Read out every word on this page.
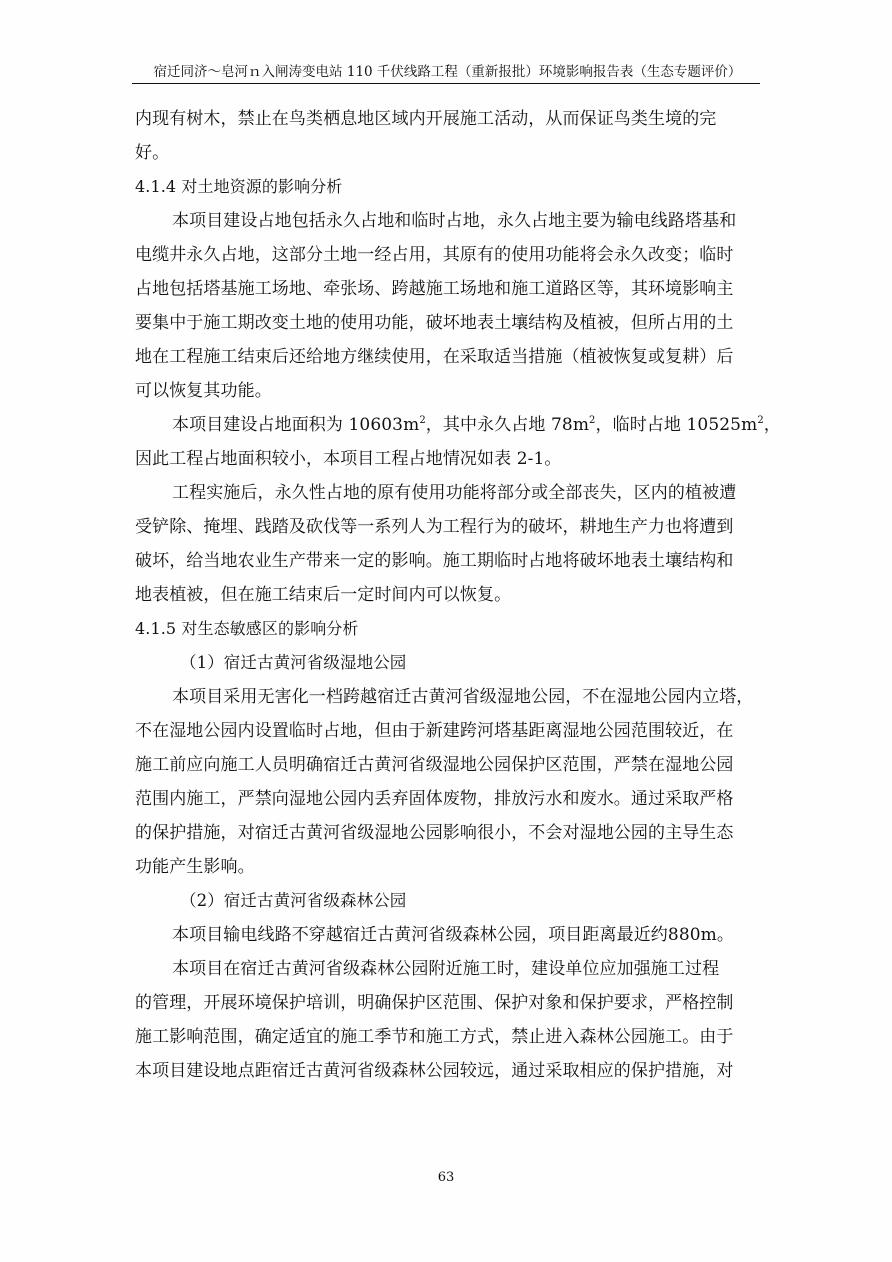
宿迁同济～皂河ｎ入闸涛变电站 110 千伏线路工程（重新报批）环境影响报告表（生态专题评价）
内现有树木，禁止在鸟类栖息地区域内开展施工活动，从而保证鸟类生境的完
好。
4.1.4 对土地资源的影响分析
本项目建设占地包括永久占地和临时占地，永久占地主要为输电线路塔基和
电缆井永久占地，这部分土地一经占用，其原有的使用功能将会永久改变；临时
占地包括塔基施工场地、牵张场、跨越施工场地和施工道路区等，其环境影响主
要集中于施工期改变土地的使用功能，破坏地表土壤结构及植被，但所占用的土
地在工程施工结束后还给地方继续使用，在采取适当措施（植被恢复或复耕）后
可以恢复其功能。
本项目建设占地面积为 $10603m^2$，其中永久占地 $78m^2$，临时占地 $10525m^2$，
因此工程占地面积较小，本项目工程占地情况如表 2-1。
工程实施后，永久性占地的原有使用功能将部分或全部丧失，区内的植被遭
受铲除、掩埋、践踏及砍伐等一系列人为工程行为的破坏，耕地生产力也将遭到
破坏，给当地农业生产带来一定的影响。施工期临时占地将破坏地表土壤结构和
地表植被，但在施工结束后一定时间内可以恢复。
4.1.5 对生态敏感区的影响分析
（1）宿迁古黄河省级湿地公园
本项目采用无害化一档跨越宿迁古黄河省级湿地公园，不在湿地公园内立塔，
不在湿地公园内设置临时占地，但由于新建跨河塔基距离湿地公园范围较近，在
施工前应向施工人员明确宿迁古黄河省级湿地公园保护区范围，严禁在湿地公园
范围内施工，严禁向湿地公园内丢弃固体废物，排放污水和废水。通过采取严格
的保护措施，对宿迁古黄河省级湿地公园影响很小，不会对湿地公园的主导生态
功能产生影响。
（2）宿迁古黄河省级森林公园
本项目输电线路不穿越宿迁古黄河省级森林公园，项目距离最近约880m。
本项目在宿迁古黄河省级森林公园附近施工时，建设单位应加强施工过程
的管理，开展环境保护培训，明确保护区范围、保护对象和保护要求，严格控制
施工影响范围，确定适宜的施工季节和施工方式，禁止进入森林公园施工。由于
本项目建设地点距宿迁古黄河省级森林公园较远，通过采取相应的保护措施，对
63
